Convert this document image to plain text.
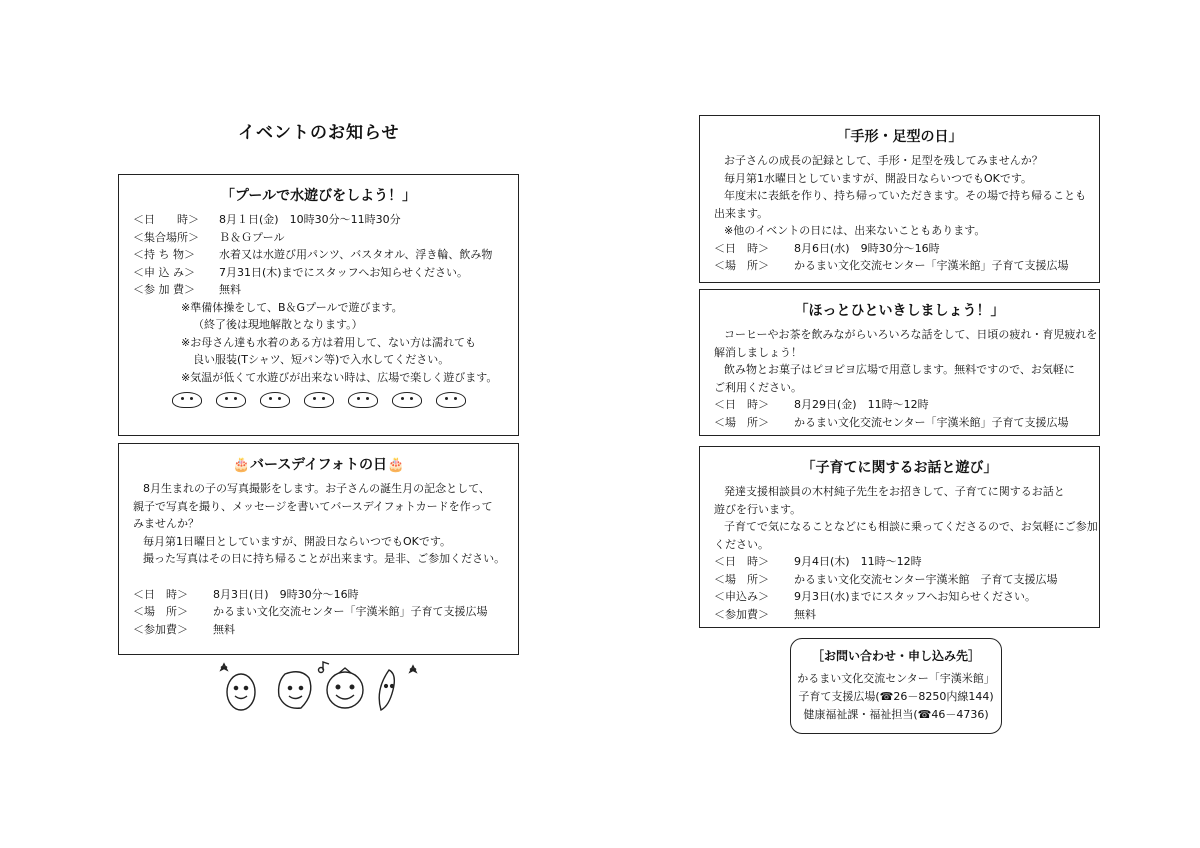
イベントのお知らせ
「プールで水遊びをしよう！」
＜日　　時＞	8月１日(金)　10時30分～11時30分
＜集合場所＞	Ｂ＆Ｇプール
＜持 ち 物＞	水着又は水遊び用パンツ、バスタオル、浮き輪、飲み物
＜申 込 み＞	7月31日(木)までにスタッフへお知らせください。
＜参 加 費＞	無料
※準備体操をして、B＆Gプールで遊びます。
（終了後は現地解散となります。）
※お母さん達も水着のある方は着用して、ない方は濡れても
良い服装(Tシャツ、短パン等)で入水してください。
※気温が低くて水遊びが出来ない時は、広場で楽しく遊びます。
🎂バースデイフォトの日🎂
8月生まれの子の写真撮影をします。お子さんの誕生月の記念として、
親子で写真を撮り、メッセージを書いてバースデイフォトカードを作って
みませんか？
毎月第1日曜日としていますが、開設日ならいつでもOKです。
撮った写真はその日に持ち帰ることが出来ます。是非、ご参加ください。
＜日　時＞	8月3日(日)　9時30分～16時
＜場　所＞	かるまい文化交流センター「宇漢米館」子育て支援広場
＜参加費＞	無料
「手形・足型の日」
お子さんの成長の記録として、手形・足型を残してみませんか？
毎月第1水曜日としていますが、開設日ならいつでもOKです。
年度末に表紙を作り、持ち帰っていただきます。その場で持ち帰ることも
出来ます。
※他のイベントの日には、出来ないこともあります。
＜日　時＞	8月6日(水)　9時30分～16時
＜場　所＞	かるまい文化交流センター「宇漢米館」子育て支援広場
「ほっとひといきしましょう！」
コーヒーやお茶を飲みながらいろいろな話をして、日頃の疲れ・育児疲れを
解消しましょう！
飲み物とお菓子はピヨピヨ広場で用意します。無料ですので、お気軽に
ご利用ください。
＜日　時＞	8月29日(金)　11時～12時
＜場　所＞	かるまい文化交流センター「宇漢米館」子育て支援広場
「子育てに関するお話と遊び」
発達支援相談員の木村純子先生をお招きして、子育てに関するお話と
遊びを行います。
子育てで気になることなどにも相談に乗ってくださるので、お気軽にご参加
ください。
＜日　時＞	9月4日(木)　11時～12時
＜場　所＞	かるまい文化交流センター宇漢米館　子育て支援広場
＜申込み＞	9月3日(水)までにスタッフへお知らせください。
＜参加費＞	無料
［お問い合わせ・申し込み先］
かるまい文化交流センター「宇漢米館」
子育て支援広場(☎26－8250内線144)
健康福祉課・福祉担当(☎46－4736)
